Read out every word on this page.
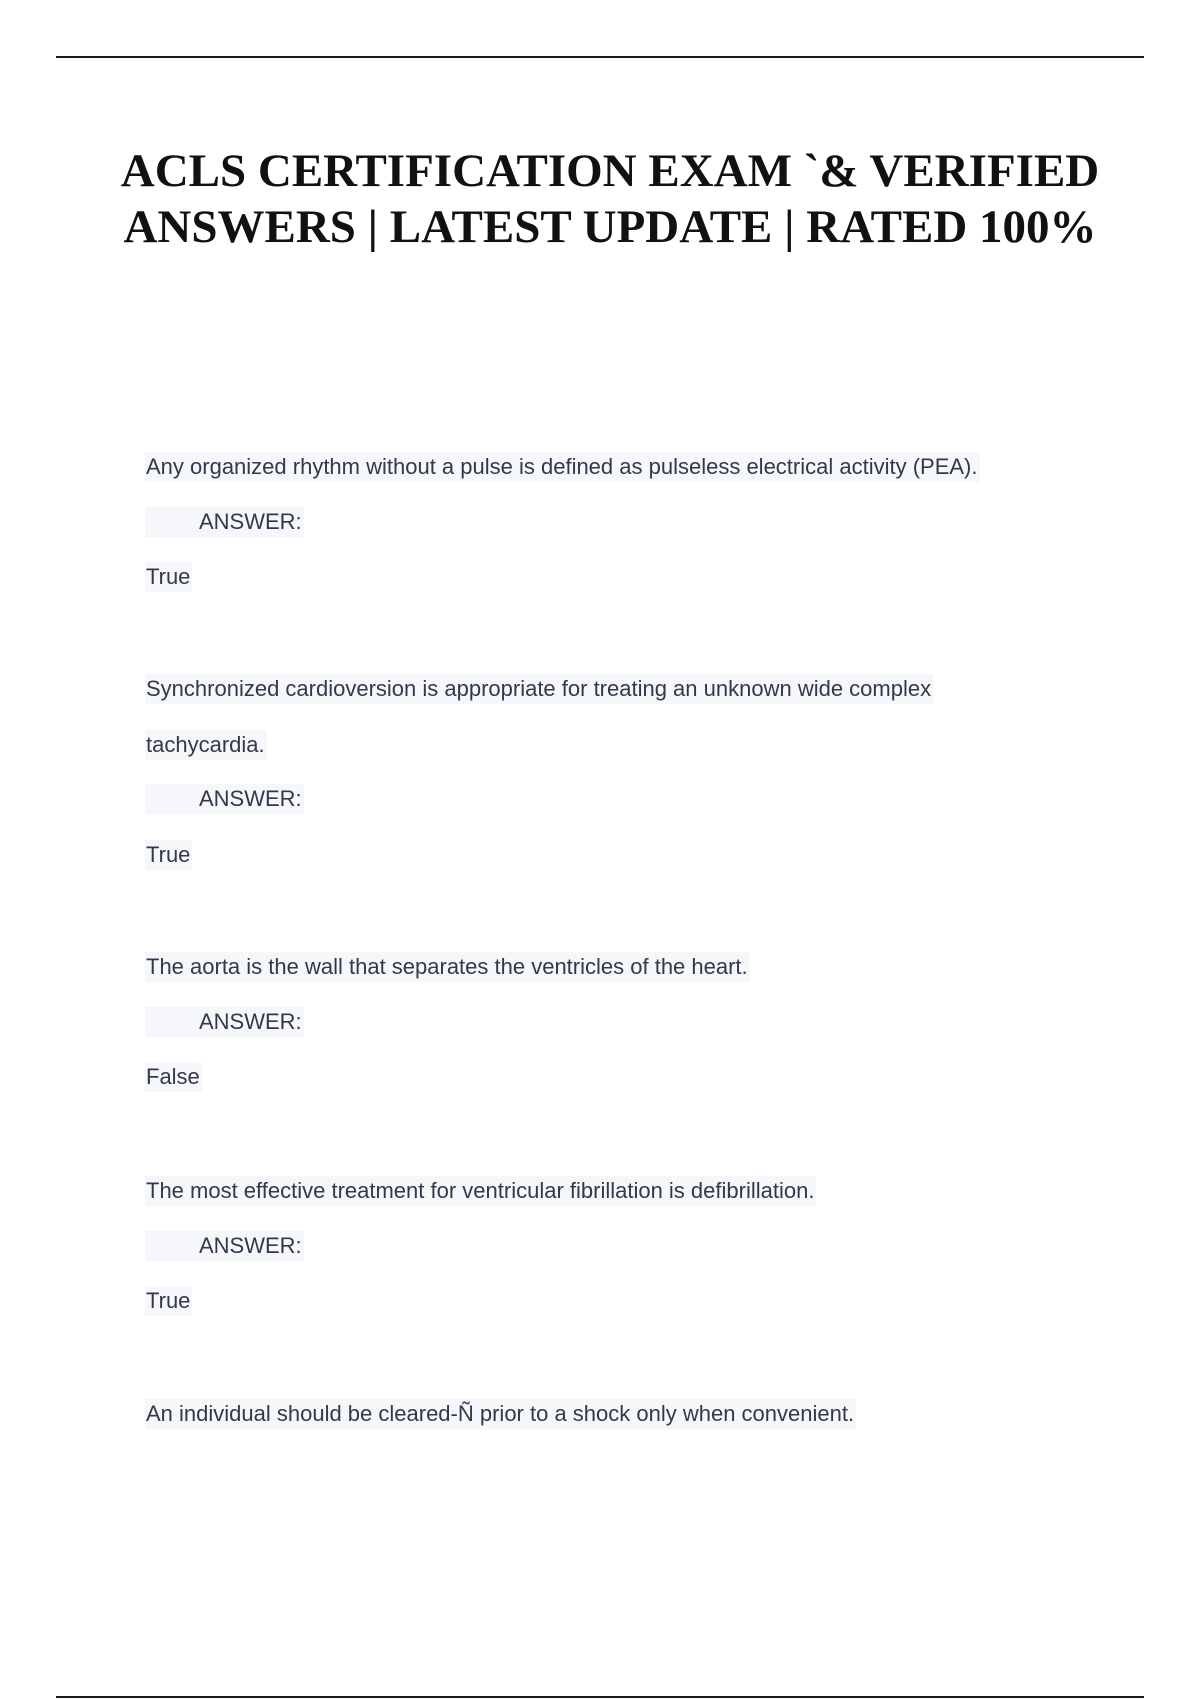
ACLS CERTIFICATION EXAM `& VERIFIED ANSWERS | LATEST UPDATE | RATED 100%
Any organized rhythm without a pulse is defined as pulseless electrical activity (PEA).
ANSWER:
True
Synchronized cardioversion is appropriate for treating an unknown wide complex
tachycardia.
ANSWER:
True
The aorta is the wall that separates the ventricles of the heart.
ANSWER:
False
The most effective treatment for ventricular fibrillation is defibrillation.
ANSWER:
True
An individual should be cleared-Ñ prior to a shock only when convenient.
